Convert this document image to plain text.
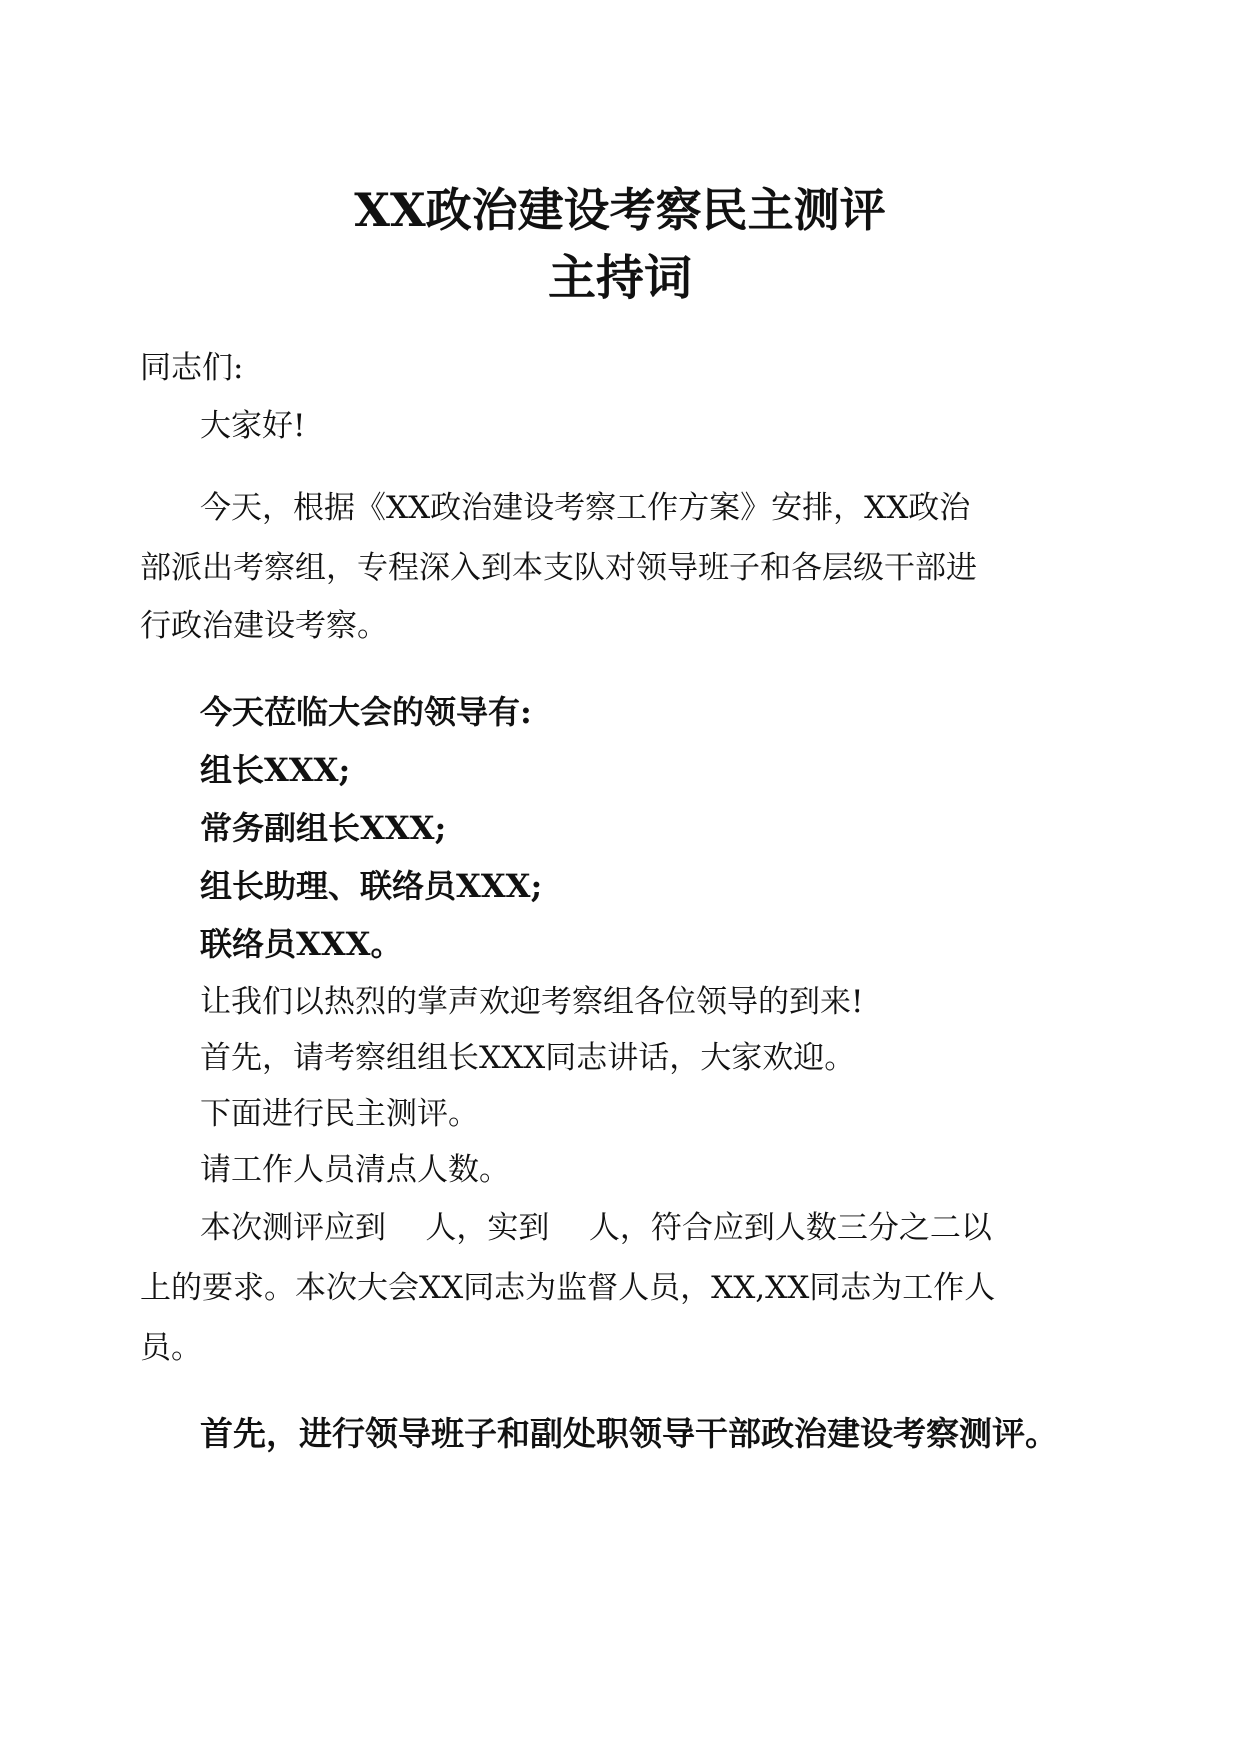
XX政治建设考察民主测评
主持词

同志们:

大家好!

今天，根据《XX政治建设考察工作方案》安排，XX政治

部派出考察组，专程深入到本支队对领导班子和各层级干部进

行政治建设考察。

今天莅临大会的领导有:

组长XXX;

常务副组长XXX;

组长助理、联络员XXX;

联络员XXX。

让我们以热烈的掌声欢迎考察组各位领导的到来!

首先，请考察组组长XXX同志讲话，大家欢迎。

下面进行民主测评。

请工作人员清点人数。

本次测评应到    人，实到    人，符合应到人数三分之二以

上的要求。本次大会XX同志为监督人员，XX,XX同志为工作人

员。

首先，进行领导班子和副处职领导干部政治建设考察测评。
